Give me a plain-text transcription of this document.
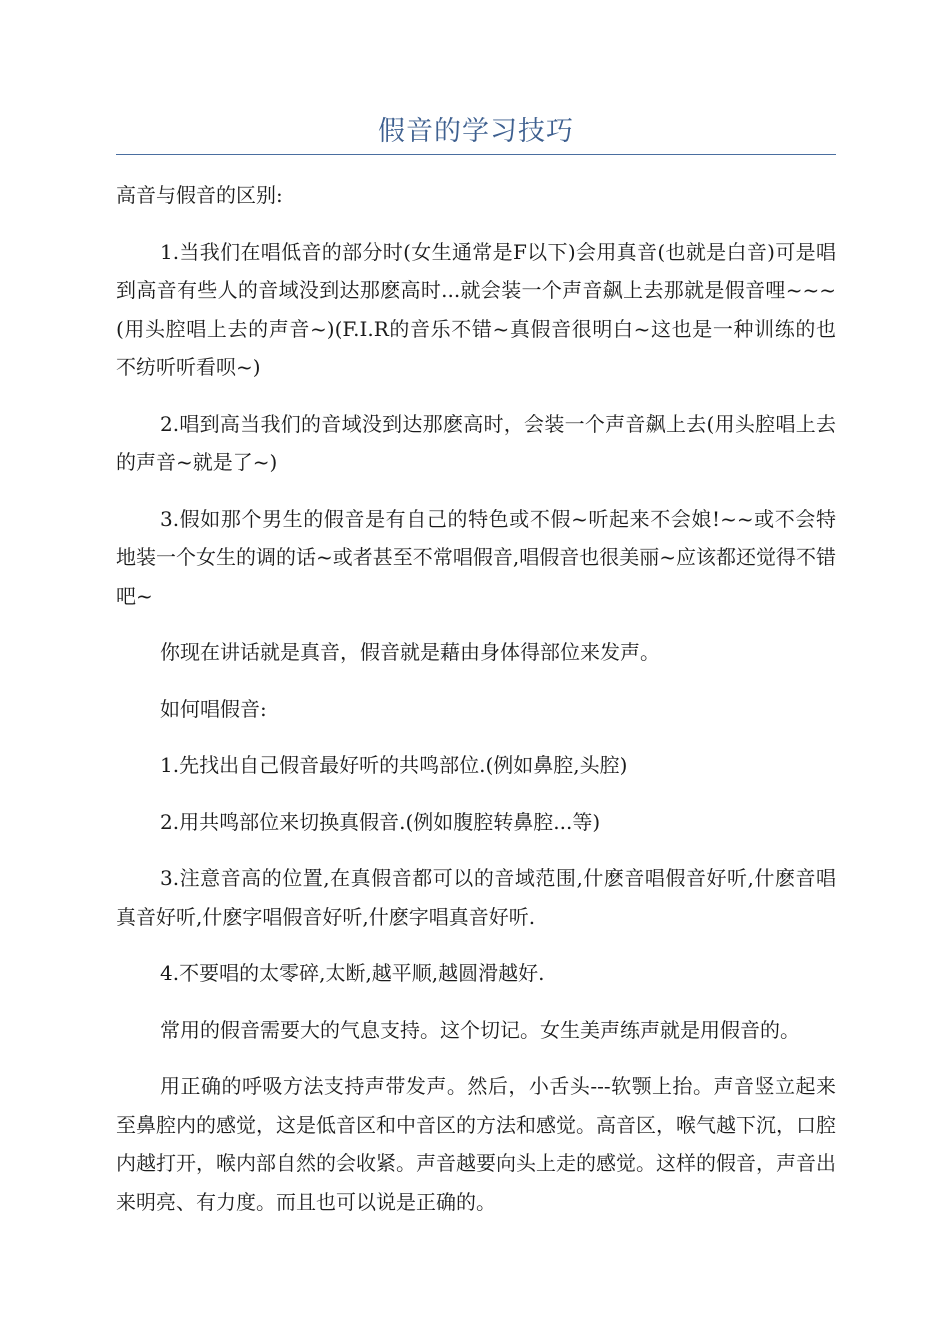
假音的学习技巧

高音与假音的区别:

1.当我们在唱低音的部分时(女生通常是F以下)会用真音(也就是白音)可是唱到高音有些人的音域没到达那麽高时...就会装一个声音飙上去那就是假音哩~~~(用头腔唱上去的声音~)(F.I.R的音乐不错~真假音很明白~这也是一种训练的也不纺听听看呗~)

2.唱到高当我们的音域没到达那麽高时，会装一个声音飙上去(用头腔唱上去的声音~就是了~)

3.假如那个男生的假音是有自己的特色或不假~听起来不会娘!~~或不会特地装一个女生的调的话~或者甚至不常唱假音,唱假音也很美丽~应该都还觉得不错吧~

你现在讲话就是真音，假音就是藉由身体得部位来发声。

如何唱假音:

1.先找出自己假音最好听的共鸣部位.(例如鼻腔,头腔)

2.用共鸣部位来切换真假音.(例如腹腔转鼻腔...等)

3.注意音高的位置,在真假音都可以的音域范围,什麽音唱假音好听,什麽音唱真音好听,什麽字唱假音好听,什麽字唱真音好听.

4.不要唱的太零碎,太断,越平顺,越圆滑越好.

常用的假音需要大的气息支持。这个切记。女生美声练声就是用假音的。

用正确的呼吸方法支持声带发声。然后，小舌头---软颚上抬。声音竖立起来至鼻腔内的感觉，这是低音区和中音区的方法和感觉。高音区，喉气越下沉，口腔内越打开，喉内部自然的会收紧。声音越要向头上走的感觉。这样的假音，声音出来明亮、有力度。而且也可以说是正确的。
